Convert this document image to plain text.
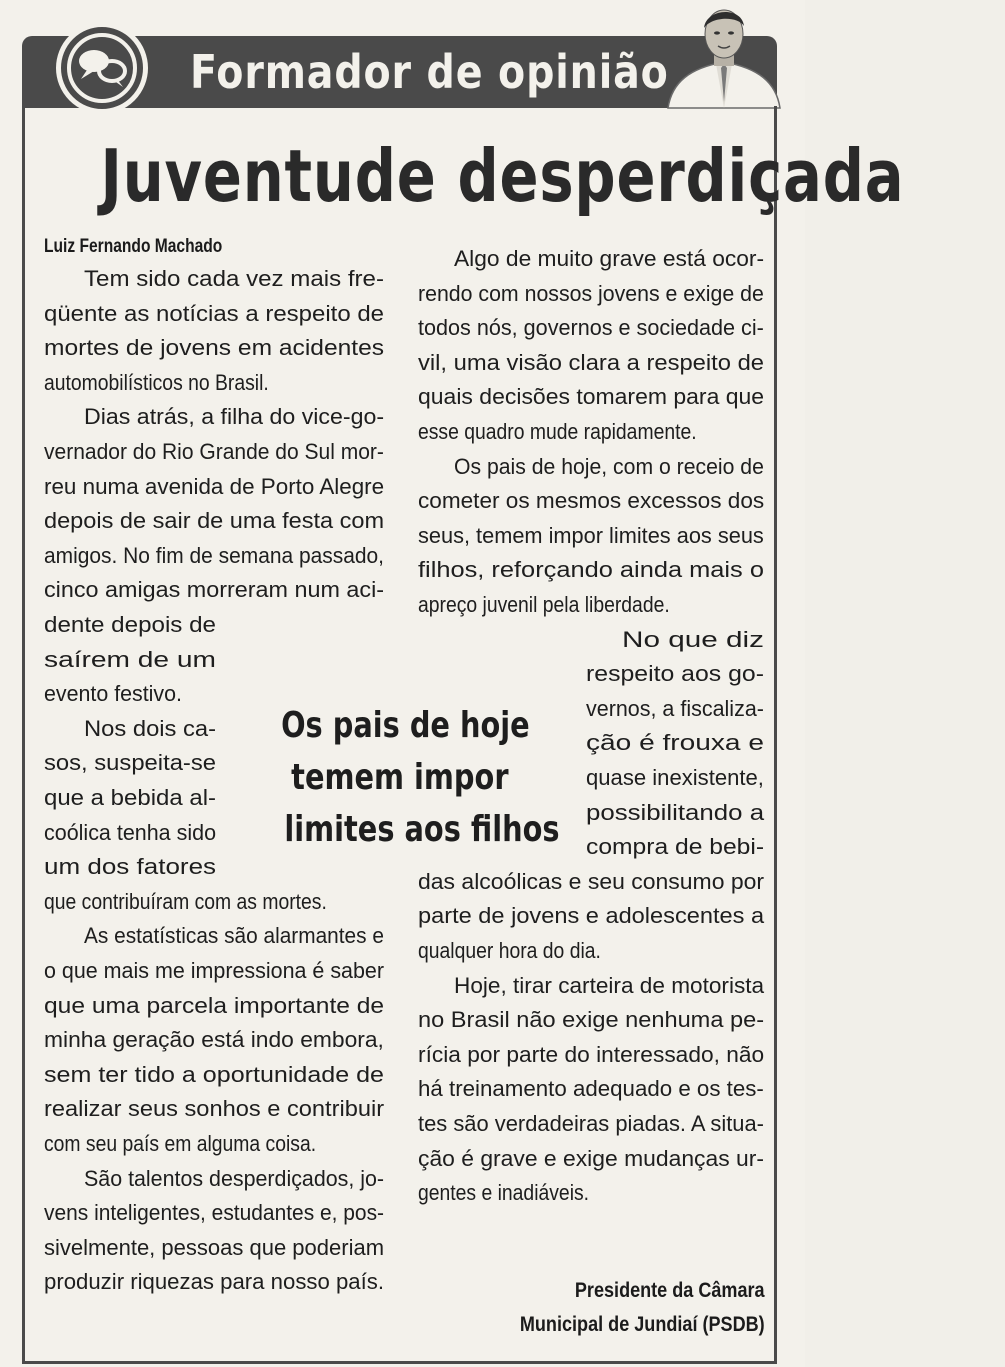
Formador de opinião
Juventude desperdiçada
Luiz Fernando Machado
Tem sido cada vez mais fre-
qüente as notícias a respeito de
mortes de jovens em acidentes
automobilísticos no Brasil.
Dias atrás, a filha do vice-go-
vernador do Rio Grande do Sul mor-
reu numa avenida de Porto Alegre
depois de sair de uma festa com
amigos. No fim de semana passado,
cinco amigas morreram num aci-
dente depois de
saírem de um
evento festivo.
Nos dois ca-
sos, suspeita-se
que a bebida al-
coólica tenha sido
um dos fatores
que contribuíram com as mortes.
As estatísticas são alarmantes e
o que mais me impressiona é saber
que uma parcela importante de
minha geração está indo embora,
sem ter tido a oportunidade de
realizar seus sonhos e contribuir
com seu país em alguma coisa.
São talentos desperdiçados, jo-
vens inteligentes, estudantes e, pos-
sivelmente, pessoas que poderiam
produzir riquezas para nosso país.
Algo de muito grave está ocor-
rendo com nossos jovens e exige de
todos nós, governos e sociedade ci-
vil, uma visão clara a respeito de
quais decisões tomarem para que
esse quadro mude rapidamente.
Os pais de hoje, com o receio de
cometer os mesmos excessos dos
seus, temem impor limites aos seus
filhos, reforçando ainda mais o
apreço juvenil pela liberdade.
No que diz
respeito aos go-
vernos, a fiscaliza-
ção é frouxa e
quase inexistente,
possibilitando a
compra de bebi-
das alcoólicas e seu consumo por
parte de jovens e adolescentes a
qualquer hora do dia.
Hoje, tirar carteira de motorista
no Brasil não exige nenhuma pe-
rícia por parte do interessado, não
há treinamento adequado e os tes-
tes são verdadeiras piadas. A situa-
ção é grave e exige mudanças ur-
gentes e inadiáveis.
Os pais de hoje
temem impor
limites aos filhos
Presidente da Câmara
Municipal de Jundiaí (PSDB)
